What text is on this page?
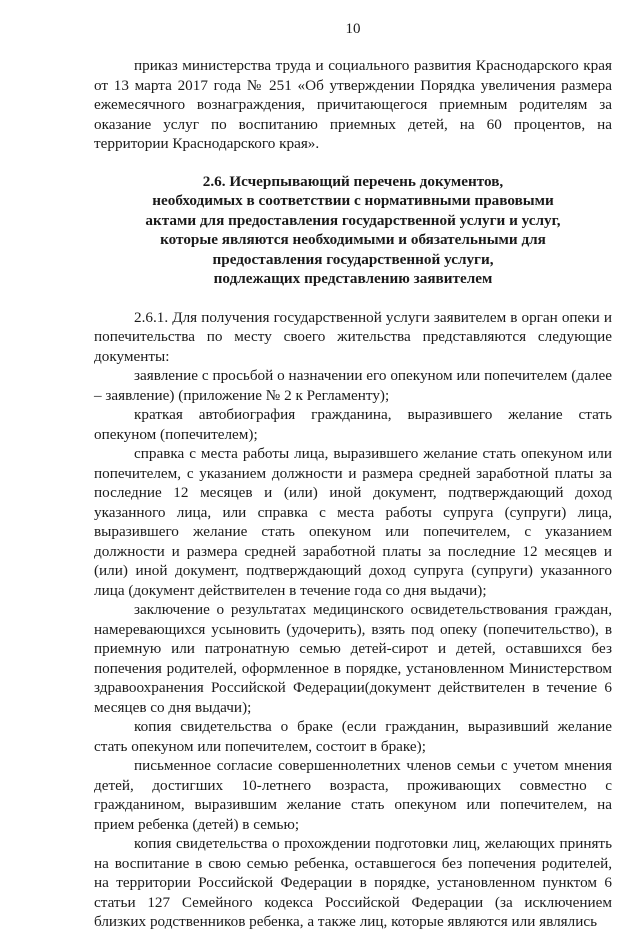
10

приказ министерства труда и социального развития Краснодарского края от 13 марта 2017 года № 251 «Об утверждении Порядка увеличения размера ежемесячного вознаграждения, причитающегося приемным родителям за оказание услуг по воспитанию приемных детей, на 60 процентов, на территории Краснодарского края».

2.6. Исчерпывающий перечень документов,
необходимых в соответствии с нормативными правовыми
актами для предоставления государственной услуги и услуг,
которые являются необходимыми и обязательными для
предоставления государственной услуги,
подлежащих представлению заявителем

2.6.1. Для получения государственной услуги заявителем в орган опеки и попечительства по месту своего жительства представляются следующие документы:

заявление с просьбой о назначении его опекуном или попечителем (далее – заявление) (приложение № 2 к Регламенту);

краткая автобиография гражданина, выразившего желание стать опекуном (попечителем);

справка с места работы лица, выразившего желание стать опекуном или попечителем, с указанием должности и размера средней заработной платы за последние 12 месяцев и (или) иной документ, подтверждающий доход указанного лица, или справка с места работы супруга (супруги) лица, выразившего желание стать опекуном или попечителем, с указанием должности и размера средней заработной платы за последние 12 месяцев и (или) иной документ, подтверждающий доход супруга (супруги) указанного лица (документ действителен в течение года со дня выдачи);

заключение о результатах медицинского освидетельствования граждан, намеревающихся усыновить (удочерить), взять под опеку (попечительство), в приемную или патронатную семью детей-сирот и детей, оставшихся без попечения родителей, оформленное в порядке, установленном Министерством здравоохранения Российской Федерации(документ действителен в течение 6 месяцев со дня выдачи);

копия свидетельства о браке (если гражданин, выразивший желание стать опекуном или попечителем, состоит в браке);

письменное согласие совершеннолетних членов семьи с учетом мнения детей, достигших 10-летнего возраста, проживающих совместно с гражданином, выразившим желание стать опекуном или попечителем, на прием ребенка (детей) в семью;

копия свидетельства о прохождении подготовки лиц, желающих принять на воспитание в свою семью ребенка, оставшегося без попечения родителей, на территории Российской Федерации в порядке, установленном пунктом 6 статьи 127 Семейного кодекса Российской Федерации (за исключением близких родственников ребенка, а также лиц, которые являются или являлись
